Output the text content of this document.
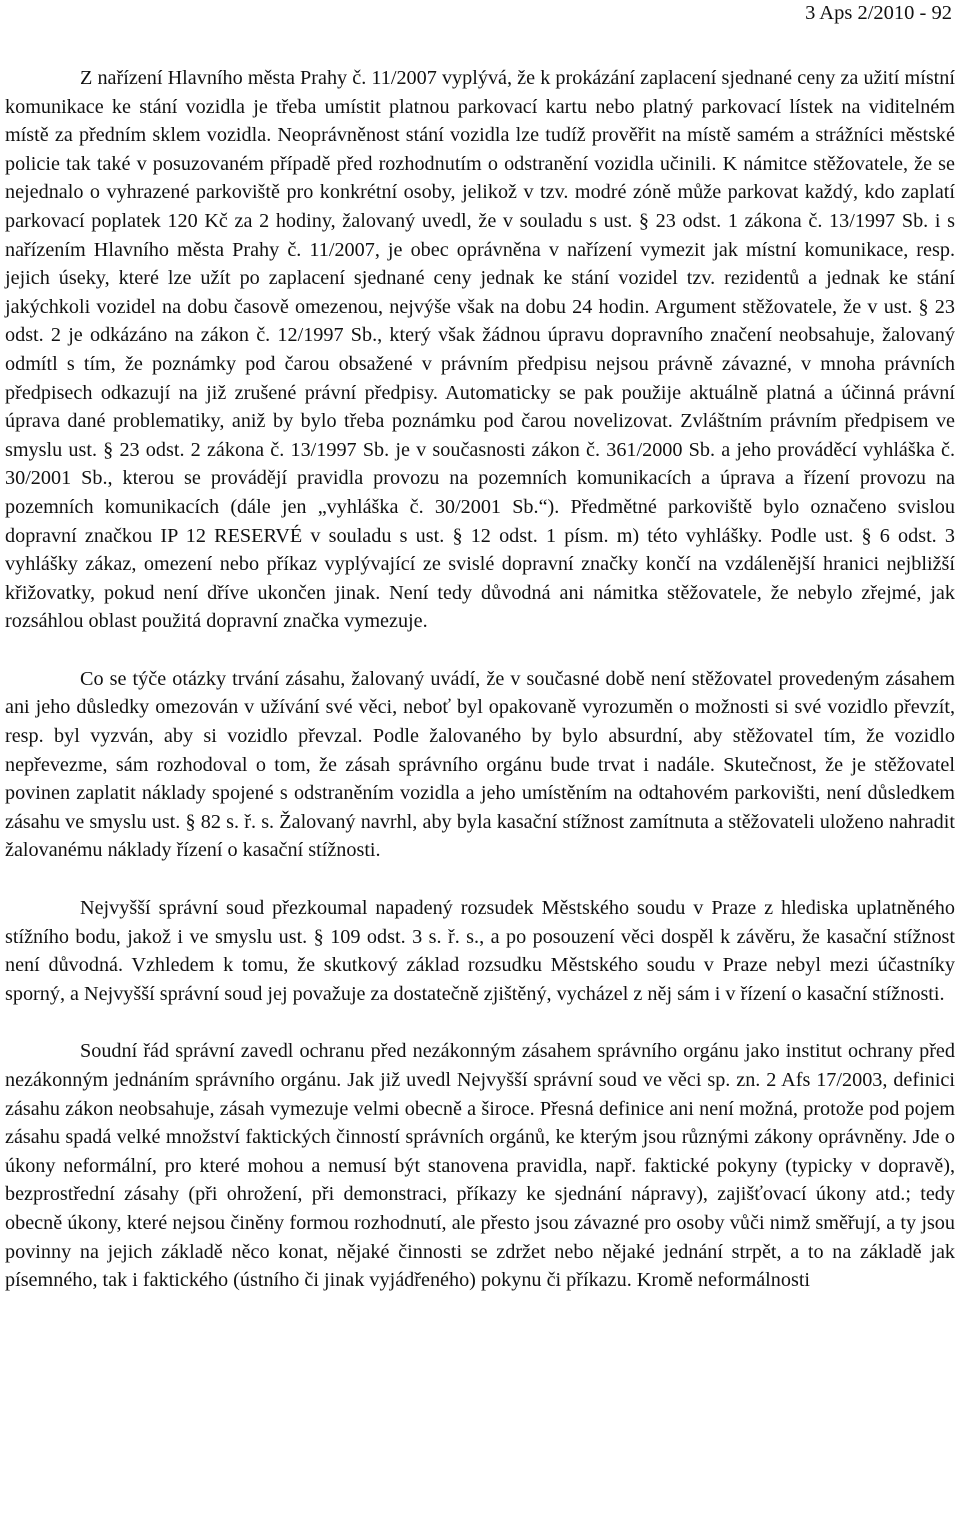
3 Aps 2/2010 - 92

Z nařízení Hlavního města Prahy č. 11/2007 vyplývá, že k prokázání zaplacení sjednané ceny za užití místní komunikace ke stání vozidla je třeba umístit platnou parkovací kartu nebo platný parkovací lístek na viditelném místě za předním sklem vozidla. Neoprávněnost stání vozidla lze tudíž prověřit na místě samém a strážníci městské policie tak také v posuzovaném případě před rozhodnutím o odstranění vozidla učinili. K námitce stěžovatele, že se nejednalo o vyhrazené parkoviště pro konkrétní osoby, jelikož v tzv. modré zóně může parkovat každý, kdo zaplatí parkovací poplatek 120 Kč za 2 hodiny, žalovaný uvedl, že v souladu s ust. § 23 odst. 1 zákona č. 13/1997 Sb. i s nařízením Hlavního města Prahy č. 11/2007, je obec oprávněna v nařízení vymezit jak místní komunikace, resp. jejich úseky, které lze užít po zaplacení sjednané ceny jednak ke stání vozidel tzv. rezidentů a jednak ke stání jakýchkoli vozidel na dobu časově omezenou, nejvýše však na dobu 24 hodin. Argument stěžovatele, že v ust. § 23 odst. 2 je odkázáno na zákon č. 12/1997 Sb., který však žádnou úpravu dopravního značení neobsahuje, žalovaný odmítl s tím, že poznámky pod čarou obsažené v právním předpisu nejsou právně závazné, v mnoha právních předpisech odkazují na již zrušené právní předpisy. Automaticky se pak použije aktuálně platná a účinná právní úprava dané problematiky, aniž by bylo třeba poznámku pod čarou novelizovat. Zvláštním právním předpisem ve smyslu ust. § 23 odst. 2 zákona č. 13/1997 Sb. je v současnosti zákon č. 361/2000 Sb. a jeho prováděcí vyhláška č. 30/2001 Sb., kterou se provádějí pravidla provozu na pozemních komunikacích a úprava a řízení provozu na pozemních komunikacích (dále jen „vyhláška č. 30/2001 Sb.“). Předmětné parkoviště bylo označeno svislou dopravní značkou IP 12 RESERVÉ v souladu s ust. § 12 odst. 1 písm. m) této vyhlášky. Podle ust. § 6 odst. 3 vyhlášky zákaz, omezení nebo příkaz vyplývající ze svislé dopravní značky končí na vzdálenější hranici nejbližší křižovatky, pokud není dříve ukončen jinak. Není tedy důvodná ani námitka stěžovatele, že nebylo zřejmé, jak rozsáhlou oblast použitá dopravní značka vymezuje.

Co se týče otázky trvání zásahu, žalovaný uvádí, že v současné době není stěžovatel provedeným zásahem ani jeho důsledky omezován v užívání své věci, neboť byl opakovaně vyrozuměn o možnosti si své vozidlo převzít, resp. byl vyzván, aby si vozidlo převzal. Podle žalovaného by bylo absurdní, aby stěžovatel tím, že vozidlo nepřevezme, sám rozhodoval o tom, že zásah správního orgánu bude trvat i nadále. Skutečnost, že je stěžovatel povinen zaplatit náklady spojené s odstraněním vozidla a jeho umístěním na odtahovém parkovišti, není důsledkem zásahu ve smyslu ust. § 82 s. ř. s. Žalovaný navrhl, aby byla kasační stížnost zamítnuta a stěžovateli uloženo nahradit žalovanému náklady řízení o kasační stížnosti.

Nejvyšší správní soud přezkoumal napadený rozsudek Městského soudu v Praze z hlediska uplatněného stížního bodu, jakož i ve smyslu ust. § 109 odst. 3 s. ř. s., a po posouzení věci dospěl k závěru, že kasační stížnost není důvodná. Vzhledem k tomu, že skutkový základ rozsudku Městského soudu v Praze nebyl mezi účastníky sporný, a Nejvyšší správní soud jej považuje za dostatečně zjištěný, vycházel z něj sám i v řízení o kasační stížnosti.

Soudní řád správní zavedl ochranu před nezákonným zásahem správního orgánu jako institut ochrany před nezákonným jednáním správního orgánu. Jak již uvedl Nejvyšší správní soud ve věci sp. zn. 2 Afs 17/2003, definici zásahu zákon neobsahuje, zásah vymezuje velmi obecně a široce. Přesná definice ani není možná, protože pod pojem zásahu spadá velké množství faktických činností správních orgánů, ke kterým jsou různými zákony oprávněny. Jde o úkony neformální, pro které mohou a nemusí být stanovena pravidla, např. faktické pokyny (typicky v dopravě), bezprostřední zásahy (při ohrožení, při demonstraci, příkazy ke sjednání nápravy), zajišťovací úkony atd.; tedy obecně úkony, které nejsou činěny formou rozhodnutí, ale přesto jsou závazné pro osoby vůči nimž směřují, a ty jsou povinny na jejich základě něco konat, nějaké činnosti se zdržet nebo nějaké jednání strpět, a to na základě jak písemného, tak i faktického (ústního či jinak vyjádřeného) pokynu či příkazu. Kromě neformálnosti
